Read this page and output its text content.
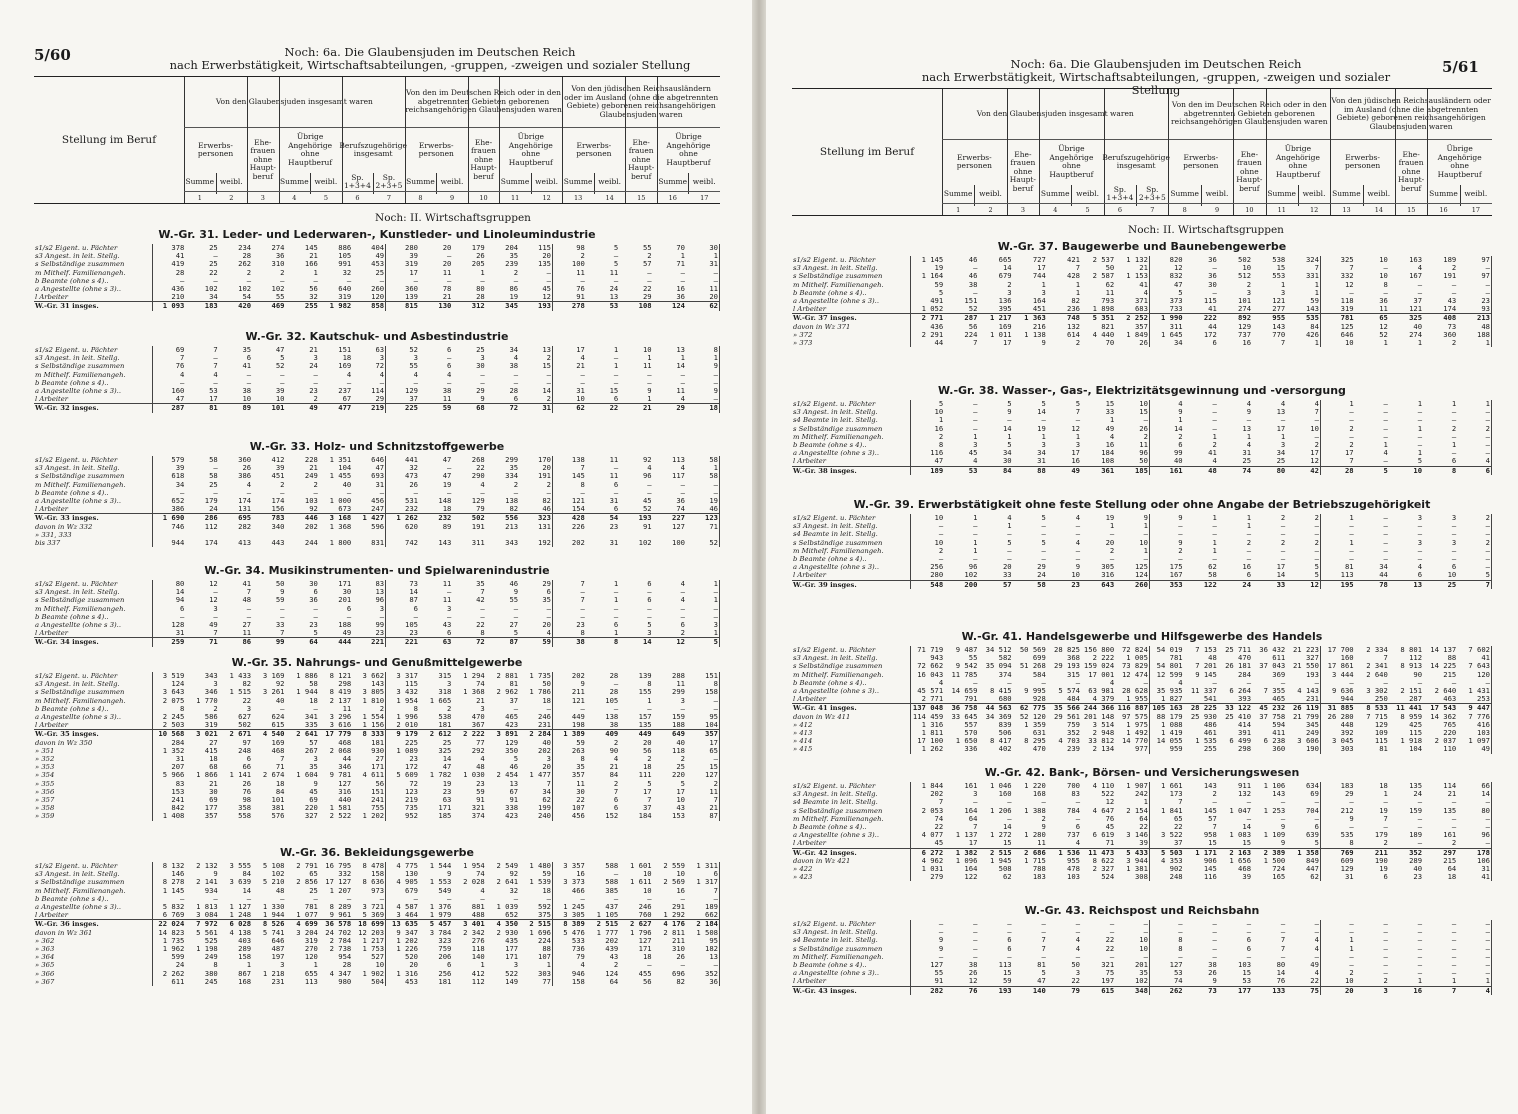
5/60	Noch: 6a. Die Glaubensjuden im Deutschen Reich
nach Erwerbstätigkeit, Wirtschaftsabteilungen, -gruppen, -zweigen und sozialer Stellung
Stellung im Beruf
Von den Glaubensjuden insgesamt waren
Von den im Deutschen Reich oder in den abgetrennten Gebieten geborenen reichsangehörigen Glaubensjuden waren
Von den jüdischen Reichsausländern oder im Ausland (ohne die abgetrennten Gebiete) geborenen reichsangehörigen Glaubensjuden waren
Erwerbs- personen
Summe weibl.
Ehe- frauen ohne Haupt- beruf
Übrige Angehörige ohne Hauptberuf
Summe weibl.
Berufszugehörige insgesamt
Sp. 1+3+4
Sp. 2+3+5
Erwerbs- personen
Summe weibl.
Ehe- frauen ohne Haupt- beruf
Übrige Angehörige ohne Hauptberuf
Summe weibl.
Erwerbs- personen
Summe weibl.
Ehe- frauen ohne Haupt- beruf
Übrige Angehörige ohne Hauptberuf
Summe weibl.
1	2	3	4	5	6	7	8	9	10	11	12	13	14	15	16	17
Noch: II. Wirtschaftsgruppen
W.-Gr. 31. Leder- und Lederwaren-, Kunstleder- und Linoleumindustrie
s1/s2 Eigent. u. Pächter	378	25	234	274	145	886	404	280	20	179	204	115	98	5	55	70	30
s3 Angest. in leit. Stellg.	41	—	28	36	21	105	49	39	—	26	35	20	2	—	2	1	1
s Selbständige zusammen	419	25	262	310	166	991	453	319	20	205	239	135	100	5	57	71	31
m Mithelf. Familienangeh.	28	22	2	2	1	32	25	17	11	1	2	—	11	11	—	—	—
b Beamte (ohne s 4)..	—	—	—	—	—	—	—	—	—	—	—	—	—	—	—	—	—
a Angestellte (ohne s 3)..	436	102	102	102	56	640	260	360	78	80	86	45	76	24	22	16	11
l Arbeiter	210	34	54	55	32	319	120	139	21	28	19	12	91	13	29	36	20
W.-Gr. 31 insges.	1 093	183	420	469	255	1 982	858	815	130	312	345	193	278	53	108	124	62
W.-Gr. 32. Kautschuk- und Asbestindustrie
s1/s2 Eigent. u. Pächter	69	7	35	47	21	151	63	52	6	25	34	13	17	1	10	13	8
s3 Angest. in leit. Stellg.	7	—	6	5	3	18	3	3	—	3	4	2	4	—	1	1	1
s Selbständige zusammen	76	7	41	52	24	169	72	55	6	30	38	15	21	1	11	14	9
m Mithelf. Familienangeh.	4	4	—	—	—	4	4	4	4	—	—	—	—	—	—	—	—
b Beamte (ohne s 4)..	—	—	—	—	—	—	—	—	—	—	—	—	—	—	—	—	—
a Angestellte (ohne s 3)..	160	53	38	39	23	237	114	129	38	29	28	14	31	15	9	11	9
l Arbeiter	47	17	10	10	2	67	29	37	11	9	6	2	10	6	1	4	—
W.-Gr. 32 insges.	287	81	89	101	49	477	219	225	59	68	72	31	62	22	21	29	18
W.-Gr. 33. Holz- und Schnitzstoffgewerbe
s1/s2 Eigent. u. Pächter	579	58	360	412	228	1 351	646	441	47	268	299	170	138	11	92	113	58
s3 Angest. in leit. Stellg.	39	—	26	39	21	104	47	32	—	22	35	20	7	—	4	4	1
s Selbständige zusammen	618	58	386	451	249	1 455	693	473	47	290	334	191	145	11	96	117	58
m Mithelf. Familienangeh.	34	25	4	2	2	40	31	26	19	4	2	2	8	6	—	—	—
b Beamte (ohne s 4)..	—	—	—	—	—	—	—	—	—	—	—	—	—	—	—	—	—
a Angestellte (ohne s 3)..	652	179	174	174	103	1 000	456	531	148	129	138	82	121	31	45	36	19
l Arbeiter	386	24	131	156	92	673	247	232	18	79	82	46	154	6	52	74	46
W.-Gr. 33 insges.	1 690	286	695	783	446	3 168	1 427	1 262	232	502	556	323	428	54	193	227	123
davon in Wz 332	746	112	282	340	202	1 368	596	620	89	191	213	131	226	23	91	127	71
» 331, 333																	
bis 337	944	174	413	443	244	1 800	831	742	143	311	343	192	202	31	102	100	52
W.-Gr. 34. Musikinstrumenten- und Spielwarenindustrie
s1/s2 Eigent. u. Pächter	80	12	41	50	30	171	83	73	11	35	46	29	7	1	6	4	1
s3 Angest. in leit. Stellg.	14	—	7	9	6	30	13	14	—	7	9	6	—	—	—	—	—
s Selbständige zusammen	94	12	48	59	36	201	96	87	11	42	55	35	7	1	6	4	1
m Mithelf. Familienangeh.	6	3	—	—	—	6	3	6	3	—	—	—	—	—	—	—	—
b Beamte (ohne s 4)..	—	—	—	—	—	—	—	—	—	—	—	—	—	—	—	—	—
a Angestellte (ohne s 3)..	128	49	27	33	23	188	99	105	43	22	27	20	23	6	5	6	3
l Arbeiter	31	7	11	7	5	49	23	23	6	8	5	4	8	1	3	2	1
W.-Gr. 34 insges.	259	71	86	99	64	444	221	221	63	72	87	59	38	8	14	12	5
W.-Gr. 35. Nahrungs- und Genußmittelgewerbe
s1/s2 Eigent. u. Pächter	3 519	343	1 433	3 169	1 886	8 121	3 662	3 317	315	1 294	2 881	1 735	202	28	139	288	151
s3 Angest. in leit. Stellg.	124	3	82	92	58	298	143	115	3	74	81	50	9	—	8	11	8
s Selbständige zusammen	3 643	346	1 515	3 261	1 944	8 419	3 805	3 432	318	1 368	2 962	1 786	211	28	155	299	158
m Mithelf. Familienangeh.	2 075	1 770	22	40	18	2 137	1 810	1 954	1 665	21	37	18	121	105	1	3	—
b Beamte (ohne s 4)..	8	2	3	—	—	11	2	8	2	3	—	—	—	—	—	—	—
a Angestellte (ohne s 3)..	2 245	586	627	624	341	3 296	1 554	1 996	538	470	465	246	449	138	157	159	95
l Arbeiter	2 503	319	502	615	335	3 616	1 156	2 010	181	367	423	231	198	38	135	188	104
W.-Gr. 35 insges.	10 568	3 021	2 671	4 540	2 641	17 779	8 333	9 179	2 612	2 222	3 891	2 284	1 389	409	449	649	357
davon in Wz 350	284	27	97	169	57	468	181	225	25	77	129	40	59	2	20	40	17
» 351	1 352	415	248	468	267	2 068	930	1 089	325	292	350	202	263	90	56	118	65
» 352	31	18	6	7	3	44	27	23	14	4	5	3	8	4	2	2	—
» 353	207	68	66	71	35	346	171	172	47	48	46	20	35	21	18	25	15
» 354	5 966	1 866	1 141	2 674	1 604	9 781	4 611	5 609	1 782	1 030	2 454	1 477	357	84	111	220	127
» 355	83	21	26	18	9	127	56	72	19	23	13	7	11	2	5	5	2
» 356	153	30	76	84	45	316	151	123	23	59	67	34	30	7	17	17	11
» 357	241	69	98	101	69	440	241	219	63	91	91	62	22	6	7	10	7
» 358	842	177	358	381	220	1 581	755	735	171	321	338	199	107	6	37	43	21
» 359	1 408	357	558	576	327	2 522	1 202	952	185	374	423	240	456	152	184	153	87
W.-Gr. 36. Bekleidungsgewerbe
s1/s2 Eigent. u. Pächter	8 132	2 132	3 555	5 108	2 791	16 795	8 478	4 775	1 544	1 954	2 549	1 480	3 357	588	1 601	2 559	1 311
s3 Angest. in leit. Stellg.	146	9	84	102	65	332	158	130	9	74	92	59	16	—	10	10	6
s Selbständige zusammen	8 278	2 141	3 639	5 210	2 856	17 127	8 636	4 905	1 553	2 028	2 641	1 539	3 373	588	1 611	2 569	1 317
m Mithelf. Familienangeh.	1 145	934	14	48	25	1 207	973	679	549	4	32	18	466	385	10	16	7
b Beamte (ohne s 4)..	—	—	—	—	—	—	—	—	—	—	—	—	—	—	—	—	—
a Angestellte (ohne s 3)..	5 832	1 813	1 127	1 330	781	8 289	3 721	4 587	1 376	881	1 039	592	1 245	437	246	291	189
l Arbeiter	6 769	3 084	1 248	1 944	1 077	9 961	5 369	3 464	1 979	488	652	375	3 305	1 105	760	1 292	662
W.-Gr. 36 insges.	22 024	7 972	6 028	8 526	4 699	36 578	18 699	13 635	5 457	3 401	4 350	2 515	8 389	2 515	2 627	4 176	2 184
davon in Wz 361	14 823	5 561	4 138	5 741	3 204	24 702	12 203	9 347	3 784	2 342	2 930	1 696	5 476	1 777	1 796	2 811	1 508
» 362	1 735	525	403	646	319	2 784	1 217	1 202	323	276	435	224	533	202	127	211	95
» 363	1 962	1 198	289	487	270	2 738	1 753	1 226	759	118	177	88	736	439	171	310	182
» 364	599	249	158	197	120	954	527	520	206	140	171	107	79	43	18	26	13
» 365	24	8	1	3	1	28	10	20	6	1	3	1	4	2	—	—	—
» 366	2 262	380	867	1 218	655	4 347	1 902	1 316	256	412	522	303	946	124	455	696	352
» 367	611	245	168	231	113	980	504	453	181	112	149	77	158	64	56	82	36
5/61
Noch: 6a. Die Glaubensjuden im Deutschen Reich
nach Erwerbstätigkeit, Wirtschaftsabteilungen, -gruppen, -zweigen und sozialer Stellung
Stellung im Beruf
Von den Glaubensjuden insgesamt waren
Von den im Deutschen Reich oder in den abgetrennten Gebieten geborenen reichsangehörigen Glaubensjuden waren
Von den jüdischen Reichsausländern oder im Ausland (ohne die abgetrennten Gebiete) geborenen reichsangehörigen Glaubensjuden waren
Erwerbs- personen
Summe weibl.
Ehe- frauen ohne Haupt- beruf
Übrige Angehörige ohne Hauptberuf
Summe weibl.
Berufszugehörige insgesamt
Sp. 1+3+4
Sp. 2+3+5
Erwerbs- personen
Summe weibl.
Ehe- frauen ohne Haupt- beruf
Übrige Angehörige ohne Hauptberuf
Summe weibl.
Erwerbs- personen
Summe weibl.
Ehe- frauen ohne Haupt- beruf
Übrige Angehörige ohne Hauptberuf
Summe weibl.
1	2	3	4	5	6	7	8	9	10	11	12	13	14	15	16	17
Noch: II. Wirtschaftsgruppen
W.-Gr. 37. Baugewerbe und Baunebengewerbe
s1/s2 Eigent. u. Pächter	1 145	46	665	727	421	2 537	1 132	820	36	502	538	324	325	10	163	189	97
s3 Angest. in leit. Stellg.	19	—	14	17	7	50	21	12	—	10	15	7	7	—	4	2	—
s Selbständige zusammen	1 164	46	679	744	428	2 587	1 153	832	36	512	553	331	332	10	167	191	97
m Mithelf. Familienangeh.	59	38	2	1	1	62	41	47	30	2	1	1	12	8	—	—	—
b Beamte (ohne s 4)..	5	—	3	3	1	11	4	5	—	3	3	1	—	—	—	—	—
a Angestellte (ohne s 3)..	491	151	136	164	82	793	371	373	115	101	121	59	118	36	37	43	23
l Arbeiter	1 052	52	395	451	236	1 898	683	733	41	274	277	143	319	11	121	174	93
W.-Gr. 37 insges.	2 771	287	1 217	1 363	748	5 351	2 252	1 990	222	892	955	535	781	65	325	408	213
davon in Wz 371	436	56	169	216	132	821	357	311	44	129	143	84	125	12	40	73	48
» 372	2 291	224	1 011	1 138	614	4 440	1 849	1 645	172	737	770	426	646	52	274	360	188
» 373	44	7	17	9	2	70	26	34	6	16	7	1	10	1	1	2	1
W.-Gr. 38. Wasser-, Gas-, Elektrizitätsgewinnung und -versorgung
s1/s2 Eigent. u. Pächter	5	—	5	5	5	15	10	4	—	4	4	4	1	—	1	1	1
s3 Angest. in leit. Stellg.	10	—	9	14	7	33	15	9	—	9	13	7	—	—	—	—	—
s4 Beamte in leit. Stellg.	1	—	—	—	—	1	—	1	—	—	—	—	—	—	—	—	—
s Selbständige zusammen	16	—	14	19	12	49	26	14	—	13	17	10	2	—	1	2	2
m Mithelf. Familienangeh.	2	1	1	1	1	4	2	2	1	1	1	—	—	—	—	—	—
b Beamte (ohne s 4)..	8	3	5	3	3	16	11	6	2	4	3	2	2	1	—	1	—
a Angestellte (ohne s 3)..	116	45	34	34	17	184	96	99	41	31	34	17	17	4	1	—	—
l Arbeiter	47	4	30	31	16	108	50	40	4	25	25	12	7	—	5	6	4
W.-Gr. 38 insges.	189	53	84	88	49	361	185	161	48	74	80	42	28	5	10	8	6
W.-Gr. 39. Erwerbstätigkeit ohne feste Stellung oder ohne Angabe der Betriebszugehörigkeit
s1/s2 Eigent. u. Pächter	10	1	4	5	4	19	9	9	1	1	2	2	1	—	3	3	2
s3 Angest. in leit. Stellg.	—	—	1	—	—	1	1	—	—	1	—	—	—	—	—	—	—
s4 Beamte in leit. Stellg.	—	—	—	—	—	—	—	—	—	—	—	—	—	—	—	—	—
s Selbständige zusammen	10	1	5	5	4	20	10	9	1	2	2	2	1	—	3	3	2
m Mithelf. Familienangeh.	2	1	—	—	—	2	1	2	1	—	—	—	—	—	—	—	—
b Beamte (ohne s 4)..	—	—	—	—	—	—	—	—	—	—	—	—	—	—	—	—	—
a Angestellte (ohne s 3)..	256	96	20	29	9	305	125	175	62	16	17	5	81	34	4	6	—
l Arbeiter	280	102	33	24	10	316	124	167	58	6	14	5	113	44	6	10	5
W.-Gr. 39 insges.	548	200	57	58	23	643	260	353	122	24	33	12	195	78	13	25	7
W.-Gr. 41. Handelsgewerbe und Hilfsgewerbe des Handels
s1/s2 Eigent. u. Pächter	71 719	9 487	34 512	50 569	28 825	156 800	72 824	54 019	7 153	25 711	36 432	21 223	17 700	2 334	8 801	14 137	7 602
s3 Angest. in leit. Stellg.	943	55	582	699	368	2 222	1 005	781	48	470	611	327	160	7	112	88	41
s Selbständige zusammen	72 662	9 542	35 094	51 268	29 193	159 024	73 829	54 801	7 201	26 181	37 043	21 550	17 861	2 341	8 913	14 225	7 643
m Mithelf. Familienangeh.	16 043	11 785	374	584	315	17 001	12 474	12 599	9 145	284	369	193	3 444	2 640	90	215	120
b Beamte (ohne s 4)..	4	—	—	—	—	4	—	4	—	—	—	—	—	—	—	—	—
a Angestellte (ohne s 3)..	45 571	14 659	8 415	9 995	5 574	63 981	28 628	35 935	11 337	6 264	7 355	4 143	9 636	3 302	2 151	2 640	1 431
l Arbeiter	2 771	791	680	928	484	4 379	1 955	1 827	541	393	465	231	944	250	287	463	253
W.-Gr. 41 insges.	137 048	36 758	44 563	62 775	35 566	244 366	116 887	105 163	28 225	33 122	45 232	26 119	31 885	8 533	11 441	17 543	9 447
davon in Wz 411	114 459	33 645	34 369	52 120	29 561	201 148	97 575	88 179	25 930	25 410	37 758	21 799	26 280	7 715	8 959	14 362	7 776
» 412	1 316	557	839	1 359	759	3 514	1 975	1 088	486	414	594	345	448	129	425	765	416
» 413	1 811	570	506	631	352	2 948	1 492	1 419	461	391	411	249	392	109	115	220	103
» 414	17 100	1 650	8 417	8 295	4 703	33 812	14 770	14 055	1 535	6 499	6 238	3 606	3 045	115	1 918	2 037	1 097
» 415	1 262	336	402	470	239	2 134	977	959	255	298	360	190	303	81	104	110	49
W.-Gr. 42. Bank-, Börsen- und Versicherungswesen
s1/s2 Eigent. u. Pächter	1 844	161	1 046	1 220	700	4 110	1 907	1 661	143	911	1 106	634	183	18	135	114	66
s3 Angest. in leit. Stellg.	202	3	160	168	83	522	242	173	2	132	143	69	29	1	24	21	14
s4 Beamte in leit. Stellg.	7	—	—	—	—	12	1	7	—	—	—	—	—	—	—	—	—
s Selbständige zusammen	2 053	164	1 206	1 388	784	4 647	2 154	1 841	145	1 047	1 253	704	212	19	159	135	80
m Mithelf. Familienangeh.	74	64	—	2	—	76	64	65	57	—	—	—	9	7	—	—	—
b Beamte (ohne s 4)..	22	7	14	9	6	45	22	22	7	14	9	6	—	—	—	—	—
a Angestellte (ohne s 3)..	4 077	1 137	1 272	1 280	737	6 619	3 146	3 522	958	1 083	1 109	639	535	179	189	161	96
l Arbeiter	45	17	15	11	4	71	39	37	15	15	9	5	8	2	—	2	—
W.-Gr. 42 insges.	6 272	1 382	2 515	2 686	1 536	11 473	5 433	5 503	1 171	2 163	2 389	1 358	769	211	352	297	178
davon in Wz 421	4 962	1 096	1 945	1 715	955	8 622	3 944	4 353	906	1 656	1 500	849	609	190	289	215	106
» 422	1 031	164	508	788	478	2 327	1 381	902	145	468	724	447	129	19	40	64	31
» 423	279	122	62	183	103	524	308	248	116	39	165	62	31	6	23	18	41
W.-Gr. 43. Reichspost und Reichsbahn
s1/s2 Eigent. u. Pächter	—	—	—	—	—	—	—	—	—	—	—	—	—	—	—	—	—
s3 Angest. in leit. Stellg.	—	—	—	—	—	—	—	—	—	—	—	—	—	—	—	—	—
s4 Beamte in leit. Stellg.	9	—	6	7	4	22	10	8	—	6	7	4	1	—	—	—	—
s Selbständige zusammen	9	—	6	7	4	22	10	8	—	6	7	4	1	—	—	—	—
m Mithelf. Familienangeh.	—	—	—	—	—	—	—	—	—	—	—	—	—	—	—	—	—
b Beamte (ohne s 4)..	127	38	113	81	50	321	201	127	38	103	80	49	—	—	—	—	—
a Angestellte (ohne s 3)..	55	26	15	5	3	75	35	53	26	15	14	4	2	—	—	—	—
l Arbeiter	91	12	59	47	22	197	102	74	9	53	76	22	10	2	1	1	1
W.-Gr. 43 insges.	282	76	193	140	79	615	348	262	73	177	133	75	20	3	16	7	4
